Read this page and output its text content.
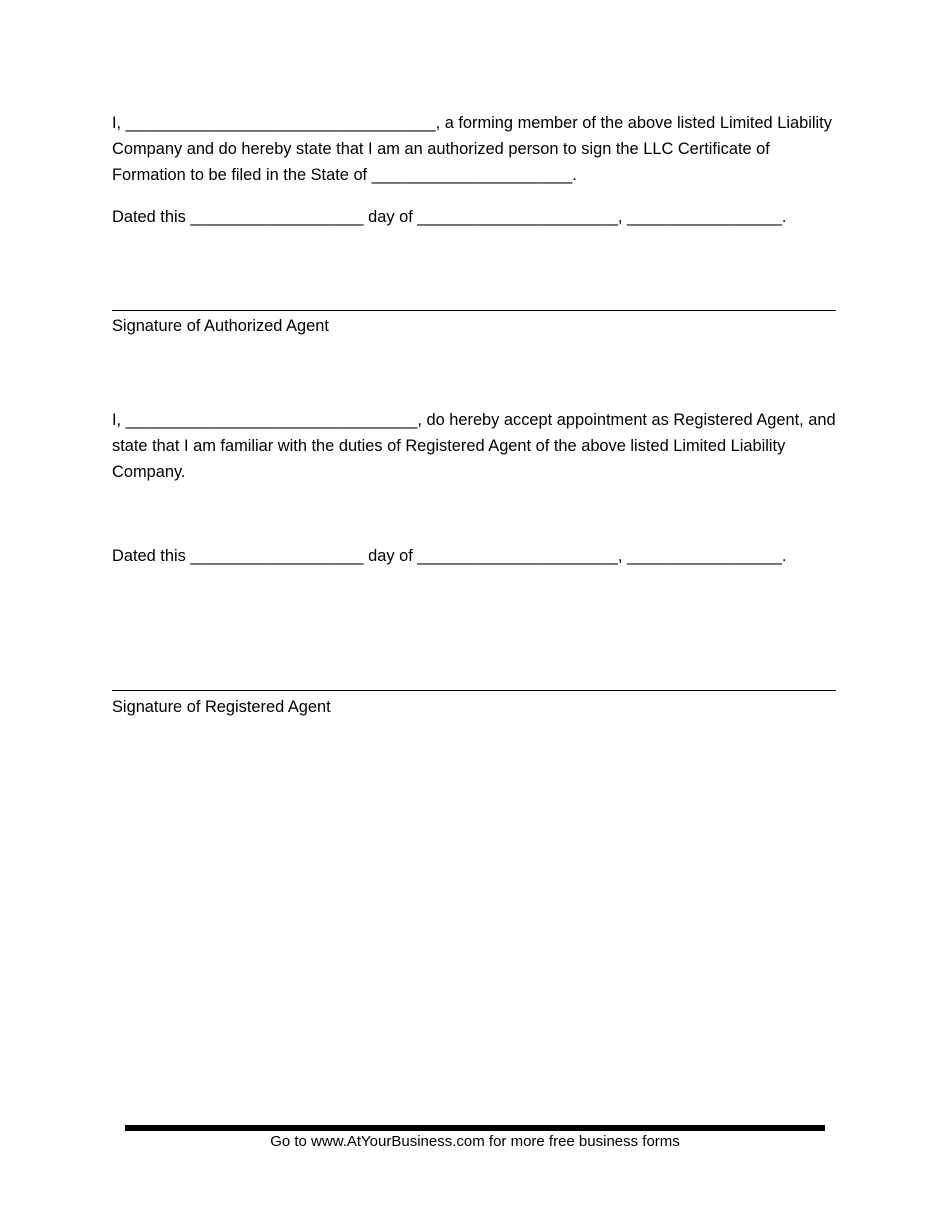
I, __________________________________, a forming member of the above listed Limited Liability Company and do hereby state that I am an authorized person to sign the LLC Certificate of Formation to be filed in the State of ______________________.

Dated this ___________________ day of ______________________, _________________.

Signature of Authorized Agent

I, ________________________________, do hereby accept appointment as Registered Agent, and state that I am familiar with the duties of Registered Agent of the above listed Limited Liability Company.

Dated this ___________________ day of ______________________, _________________.

Signature of Registered Agent

Go to www.AtYourBusiness.com for more free business forms
